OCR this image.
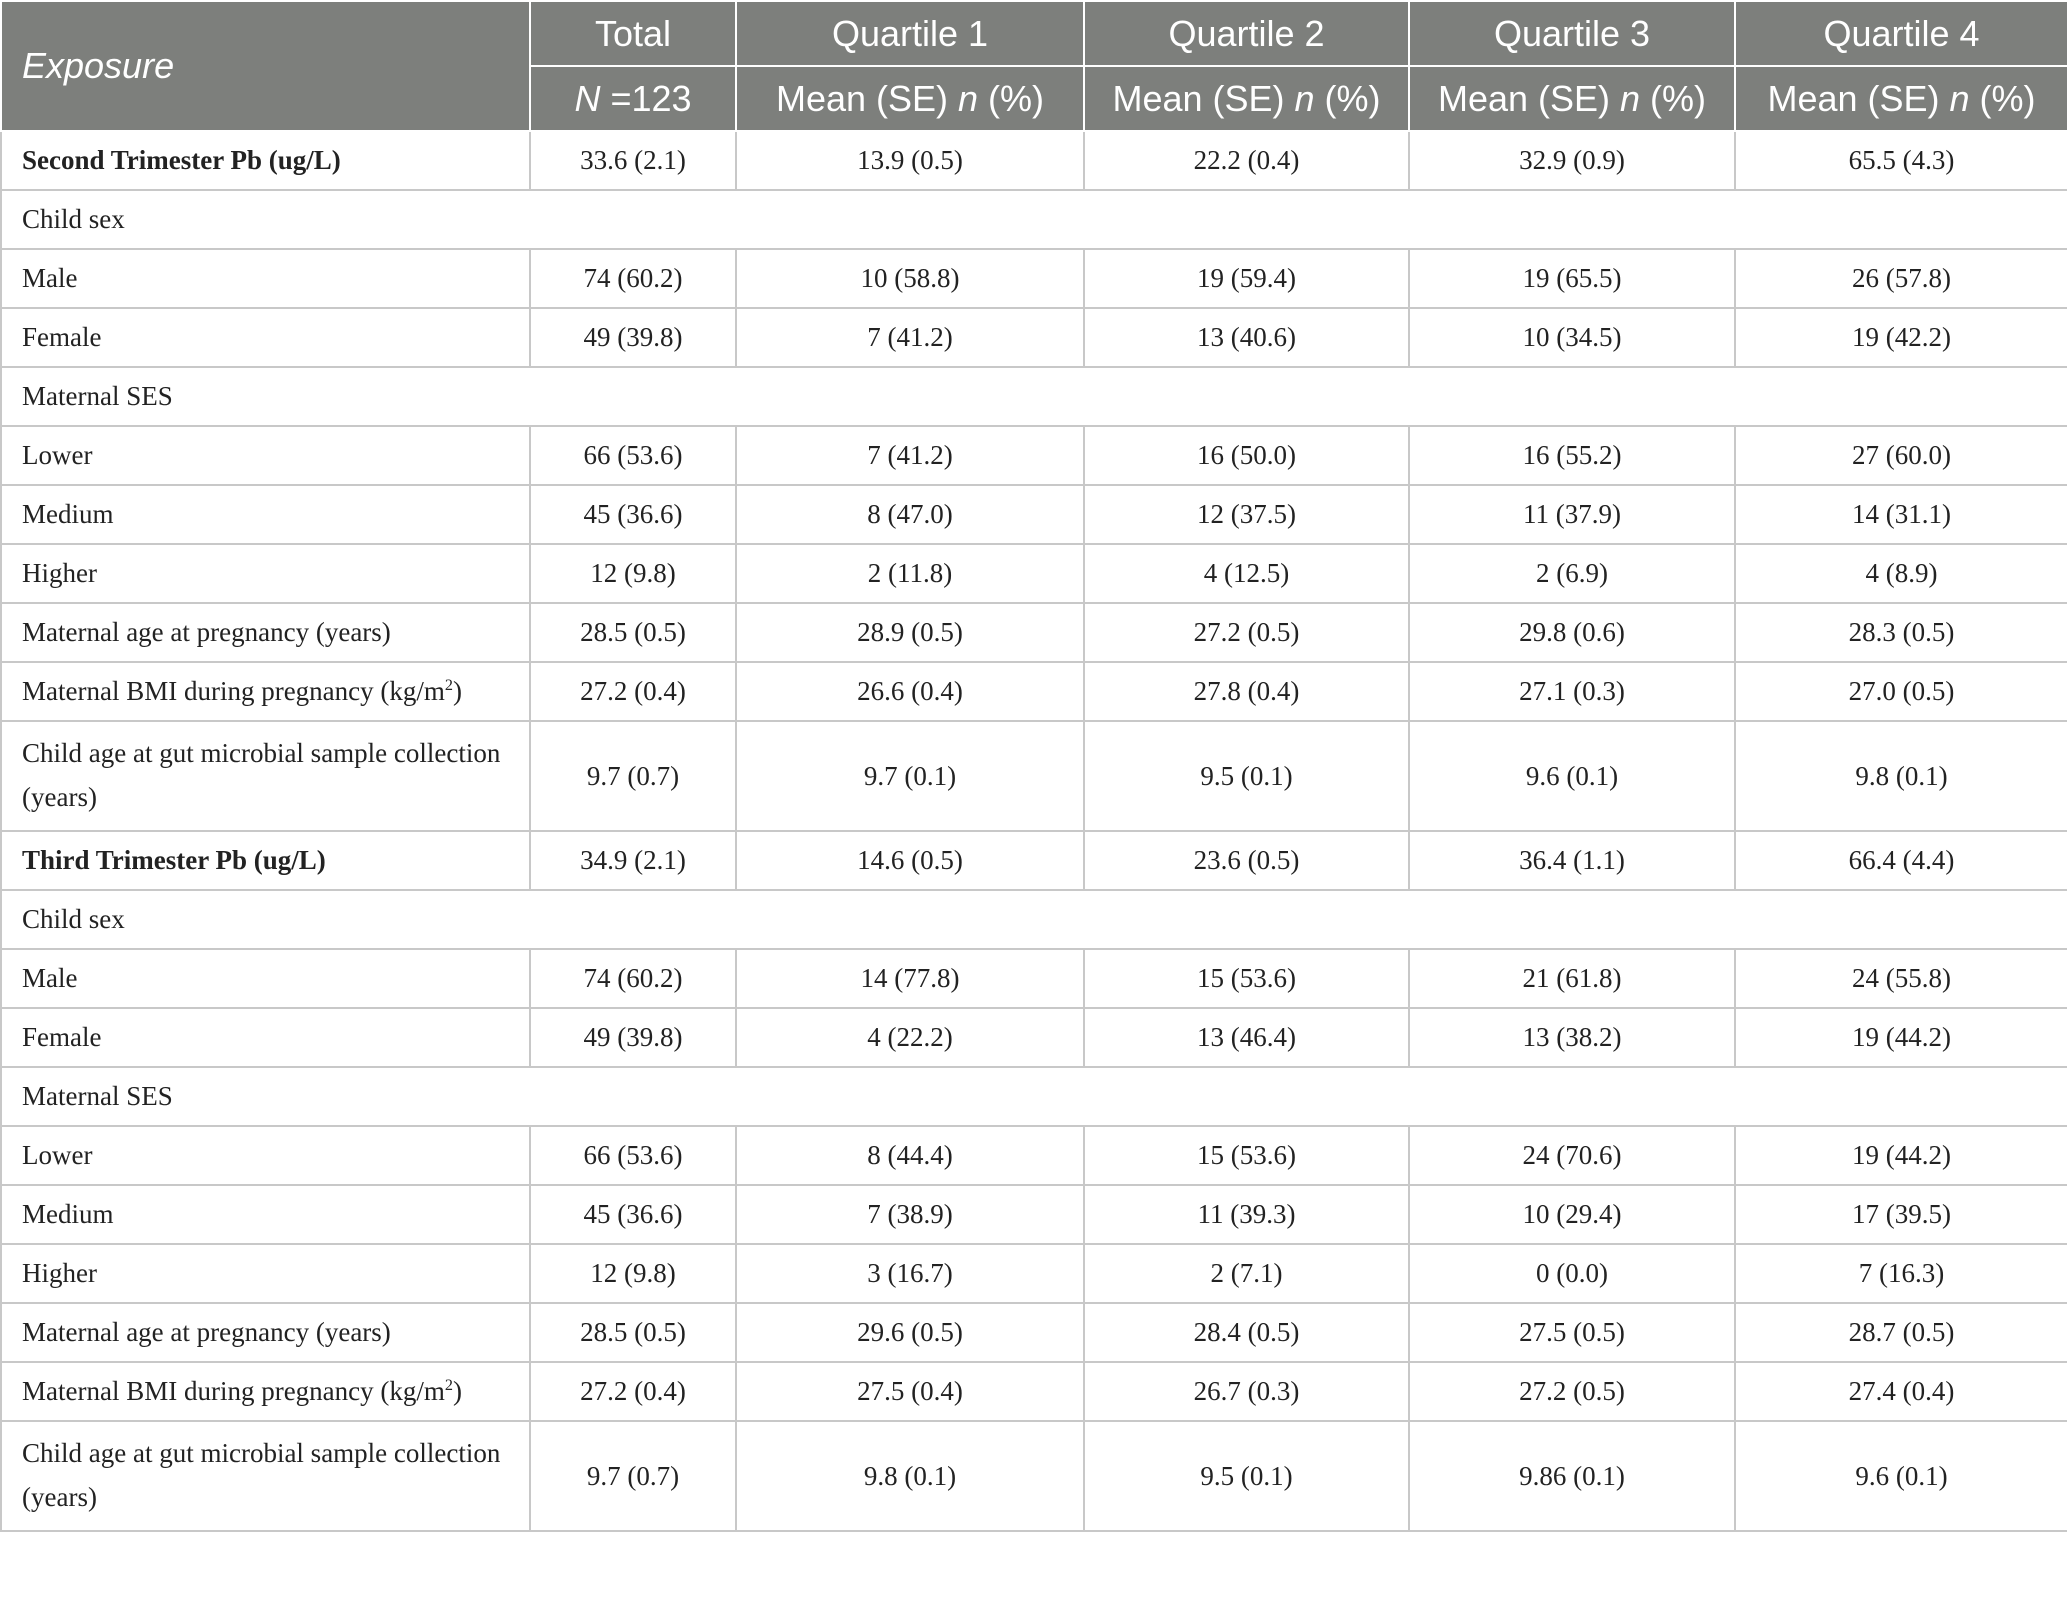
Exposure	Total	Quartile 1	Quartile 2	Quartile 3	Quartile 4
	N =123	Mean (SE) n (%)	Mean (SE) n (%)	Mean (SE) n (%)	Mean (SE) n (%)
Second Trimester Pb (ug/L)	33.6 (2.1)	13.9 (0.5)	22.2 (0.4)	32.9 (0.9)	65.5 (4.3)
Child sex					
Male	74 (60.2)	10 (58.8)	19 (59.4)	19 (65.5)	26 (57.8)
Female	49 (39.8)	7 (41.2)	13 (40.6)	10 (34.5)	19 (42.2)
Maternal SES					
Lower	66 (53.6)	7 (41.2)	16 (50.0)	16 (55.2)	27 (60.0)
Medium	45 (36.6)	8 (47.0)	12 (37.5)	11 (37.9)	14 (31.1)
Higher	12 (9.8)	2 (11.8)	4 (12.5)	2 (6.9)	4 (8.9)
Maternal age at pregnancy (years)	28.5 (0.5)	28.9 (0.5)	27.2 (0.5)	29.8 (0.6)	28.3 (0.5)
Maternal BMI during pregnancy $(kg/m^2)$	27.2 (0.4)	26.6 (0.4)	27.8 (0.4)	27.1 (0.3)	27.0 (0.5)
Child age at gut microbial sample collection (years)	9.7 (0.7)	9.7 (0.1)	9.5 (0.1)	9.6 (0.1)	9.8 (0.1)
Third Trimester Pb (ug/L)	34.9 (2.1)	14.6 (0.5)	23.6 (0.5)	36.4 (1.1)	66.4 (4.4)
Child sex					
Male	74 (60.2)	14 (77.8)	15 (53.6)	21 (61.8)	24 (55.8)
Female	49 (39.8)	4 (22.2)	13 (46.4)	13 (38.2)	19 (44.2)
Maternal SES					
Lower	66 (53.6)	8 (44.4)	15 (53.6)	24 (70.6)	19 (44.2)
Medium	45 (36.6)	7 (38.9)	11 (39.3)	10 (29.4)	17 (39.5)
Higher	12 (9.8)	3 (16.7)	2 (7.1)	0 (0.0)	7 (16.3)
Maternal age at pregnancy (years)	28.5 (0.5)	29.6 (0.5)	28.4 (0.5)	27.5 (0.5)	28.7 (0.5)
Maternal BMI during pregnancy $(kg/m^2)$	27.2 (0.4)	27.5 (0.4)	26.7 (0.3)	27.2 (0.5)	27.4 (0.4)
Child age at gut microbial sample collection (years)	9.7 (0.7)	9.8 (0.1)	9.5 (0.1)	9.86 (0.1)	9.6 (0.1)
